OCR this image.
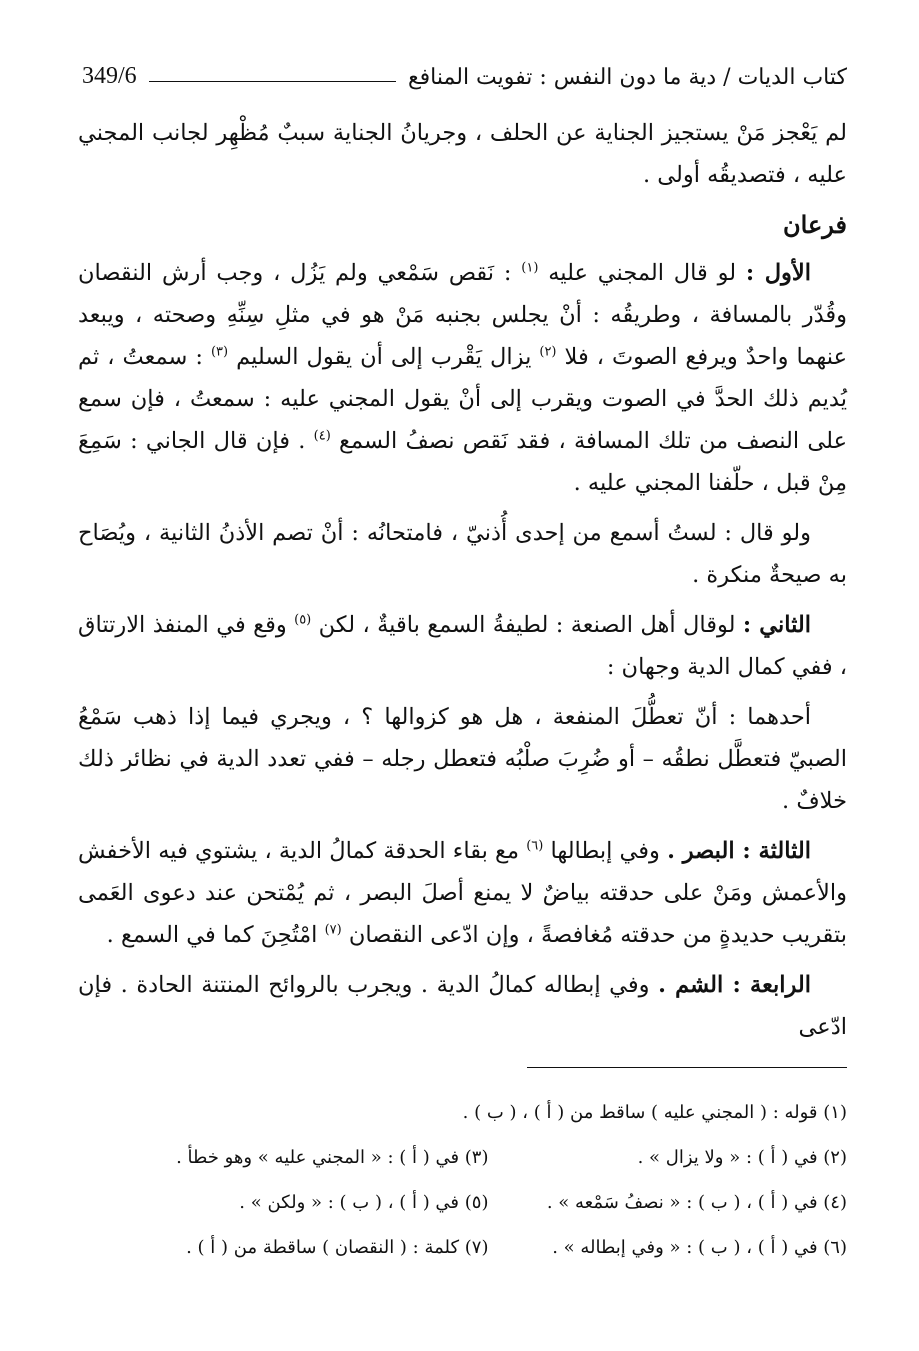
كتاب الديات / دية ما دون النفس : تفويت المنافع
349/6

لم يَعْجز مَنْ يستجيز الجناية عن الحلف ، وجريانُ الجناية سببٌ مُظْهِر لجانب المجني عليه ، فتصديقُه أولى .

فرعان

الأول : لو قال المجني عليه $^{(١)}$ : نَقص سَمْعي ولم يَزُل ، وجب أرش النقصان وقُدّر بالمسافة ، وطريقُه : أنْ يجلس بجنبه مَنْ هو في مثلِ سِنِّهِ وصحته ، ويبعد عنهما واحدٌ ويرفع الصوتَ ، فلا $^{(٢)}$ يزال يَقْرب إلى أن يقول السليم $^{(٣)}$ : سمعتُ ، ثم يُديم ذلك الحدَّ في الصوت ويقرب إلى أنْ يقول المجني عليه : سمعتُ ، فإن سمع على النصف من تلك المسافة ، فقد نَقص نصفُ السمع $^{(٤)}$ . فإن قال الجاني : سَمِعَ مِنْ قبل ، حلّفنا المجني عليه .

ولو قال : لستُ أسمع من إحدى أُذنيّ ، فامتحانُه : أنْ تصم الأذنُ الثانية ، ويُصَاح به صيحةٌ منكرة .

الثاني : لوقال أهل الصنعة : لطيفةُ السمع باقيةٌ ، لكن $^{(٥)}$ وقع في المنفذ الارتتاق ، ففي كمال الدية وجهان :

أحدهما : أنّ تعطُّلَ المنفعة ، هل هو كزوالها ؟ ، ويجري فيما إذا ذهب سَمْعُ الصبيّ فتعطَّل نطقُه – أو ضُرِبَ صلْبُه فتعطل رجله – ففي تعدد الدية في نظائر ذلك خلافٌ .

الثالثة : البصر . وفي إبطالها $^{(٦)}$ مع بقاء الحدقة كمالُ الدية ، يشتوي فيه الأخفش والأعمش ومَنْ على حدقته بياضٌ لا يمنع أصلَ البصر ، ثم يُمْتحن عند دعوى العَمى بتقريب حديدةٍ من حدقته مُغافصةً ، وإن ادّعى النقصان $^{(٧)}$ امْتُحِنَ كما في السمع .

الرابعة : الشم . وفي إبطاله كمالُ الدية . ويجرب بالروائح المنتنة الحادة . فإن ادّعى

(١) قوله : ( المجني عليه ) ساقط من ( أ ) ، ( ب ) .
(٢) في ( أ ) : « ولا يزال » .
(٣) في ( أ ) : « المجني عليه » وهو خطأ .
(٤) في ( أ ) ، ( ب ) : « نصفُ سَمْعه » .
(٥) في ( أ ) ، ( ب ) : « ولكن » .
(٦) في ( أ ) ، ( ب ) : « وفي إبطاله » .
(٧) كلمة : ( النقصان ) ساقطة من ( أ ) .
